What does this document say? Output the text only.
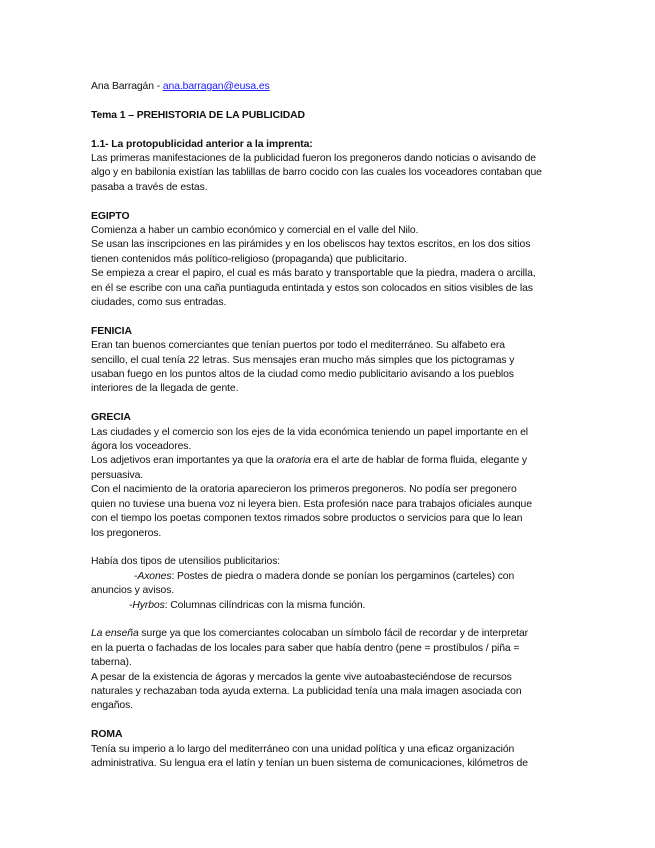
Ana Barragán - ana.barragan@eusa.es
Tema 1 – PREHISTORIA DE LA PUBLICIDAD
1.1- La protopublicidad anterior a la imprenta:
Las primeras manifestaciones de la publicidad fueron los pregoneros dando noticias o avisando de
algo y en babilonia existían las tablillas de barro cocido con las cuales los voceadores contaban que
pasaba a través de estas.
EGIPTO
Comienza a haber un cambio económico y comercial en el valle del Nilo.
Se usan las inscripciones en las pirámides y en los obeliscos hay textos escritos, en los dos sitios
tienen contenidos más político-religioso (propaganda) que publicitario.
Se empieza a crear el papiro, el cual es más barato y transportable que la piedra, madera o arcilla,
en él se escribe con una caña puntiaguda entintada y estos son colocados en sitios visibles de las
ciudades, como sus entradas.
FENICIA
Eran tan buenos comerciantes que tenían puertos por todo el mediterráneo. Su alfabeto era
sencillo, el cual tenía 22 letras. Sus mensajes eran mucho más simples que los pictogramas y
usaban fuego en los puntos altos de la ciudad como medio publicitario avisando a los pueblos
interiores de la llegada de gente.
GRECIA
Las ciudades y el comercio son los ejes de la vida económica teniendo un papel importante en el
ágora los voceadores.
Los adjetivos eran importantes ya que la oratoria era el arte de hablar de forma fluida, elegante y
persuasiva.
Con el nacimiento de la oratoria aparecieron los primeros pregoneros. No podía ser pregonero
quien no tuviese una buena voz ni leyera bien. Esta profesión nace para trabajos oficiales aunque
con el tiempo los poetas componen textos rimados sobre productos o servicios para que lo lean
los pregoneros.
Había dos tipos de utensilios publicitarios:
-Axones: Postes de piedra o madera donde se ponían los pergaminos (carteles) con
anuncios y avisos.
-Hyrbos: Columnas cilíndricas con la misma función.
La enseña surge ya que los comerciantes colocaban un símbolo fácil de recordar y de interpretar
en la puerta o fachadas de los locales para saber que había dentro (pene = prostíbulos / piña =
taberna).
A pesar de la existencia de ágoras y mercados la gente vive autoabasteciéndose de recursos
naturales y rechazaban toda ayuda externa. La publicidad tenía una mala imagen asociada con
engaños.
ROMA
Tenía su imperio a lo largo del mediterráneo con una unidad política y una eficaz organización
administrativa. Su lengua era el latín y tenían un buen sistema de comunicaciones, kilómetros de
